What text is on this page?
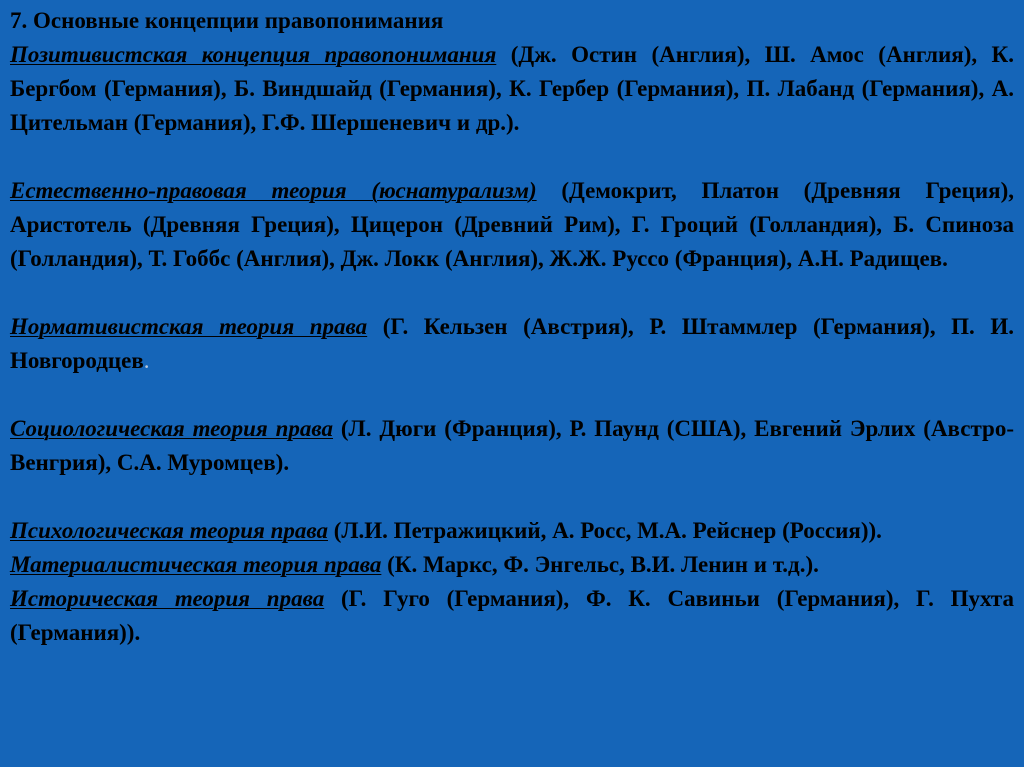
7. Основные концепции правопонимания

Позитивистская концепция правопонимания (Дж. Остин (Англия), Ш. Амос (Англия), К. Бергбом (Германия), Б. Виндшайд (Германия), К. Гербер (Германия), П. Лабанд (Германия), А. Цительман (Германия), Г.Ф. Шершеневич и др.).

Естественно-правовая теория (юснатурализм) (Демокрит, Платон (Древняя Греция), Аристотель (Древняя Греция), Цицерон (Древний Рим), Г. Гроций (Голландия), Б. Спиноза (Голландия), Т. Гоббс (Англия), Дж. Локк (Англия), Ж.Ж. Руссо (Франция), А.Н. Радищев.

Нормативистская теория права (Г. Кельзен (Австрия), Р. Штаммлер (Германия), П. И. Новгородцев.

Социологическая теория права (Л. Дюги (Франция), Р. Паунд (США), Евгений Эрлих (Австро-Венгрия), С.А. Муромцев).

Психологическая теория права (Л.И. Петражицкий, А. Росс, М.А. Рейснер (Россия)).

Материалистическая теория права (К. Маркс, Ф. Энгельс, В.И. Ленин и т.д.).

Историческая теория права (Г. Гуго (Германия), Ф. К. Савиньи (Германия), Г. Пухта (Германия)).
